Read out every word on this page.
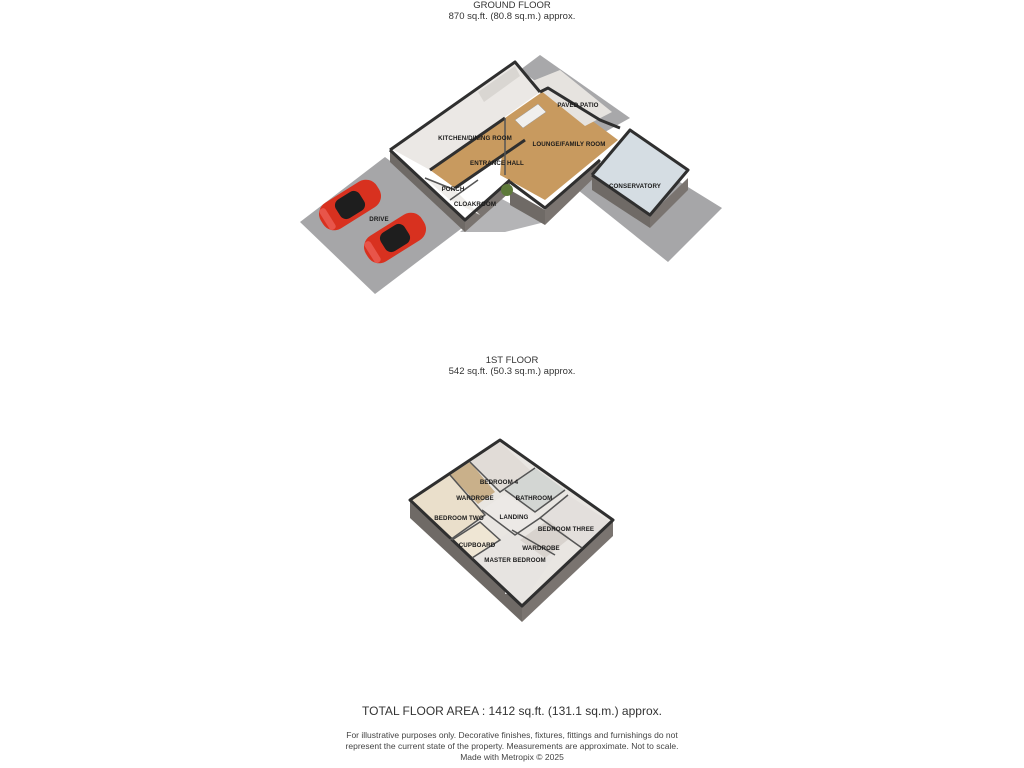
GROUND FLOOR
870 sq.ft. (80.8 sq.m.) approx.
KITCHEN/DINING ROOM
PAVED PATIO
LOUNGE/FAMILY ROOM
ENTRANCE HALL
PORCH
CLOAKROOM
CONSERVATORY
DRIVE
1ST FLOOR
542 sq.ft. (50.3 sq.m.) approx.
BEDROOM 4
WARDROBE	BATHROOM
BEDROOM TWO	LANDING
BEDROOM THREE
CUPBOARD	WARDROBE
MASTER BEDROOM
TOTAL FLOOR AREA : 1412 sq.ft. (131.1 sq.m.) approx.
For illustrative purposes only. Decorative finishes, fixtures, fittings and furnishings do not
represent the current state of the property. Measurements are approximate. Not to scale.
Made with Metropix © 2025
